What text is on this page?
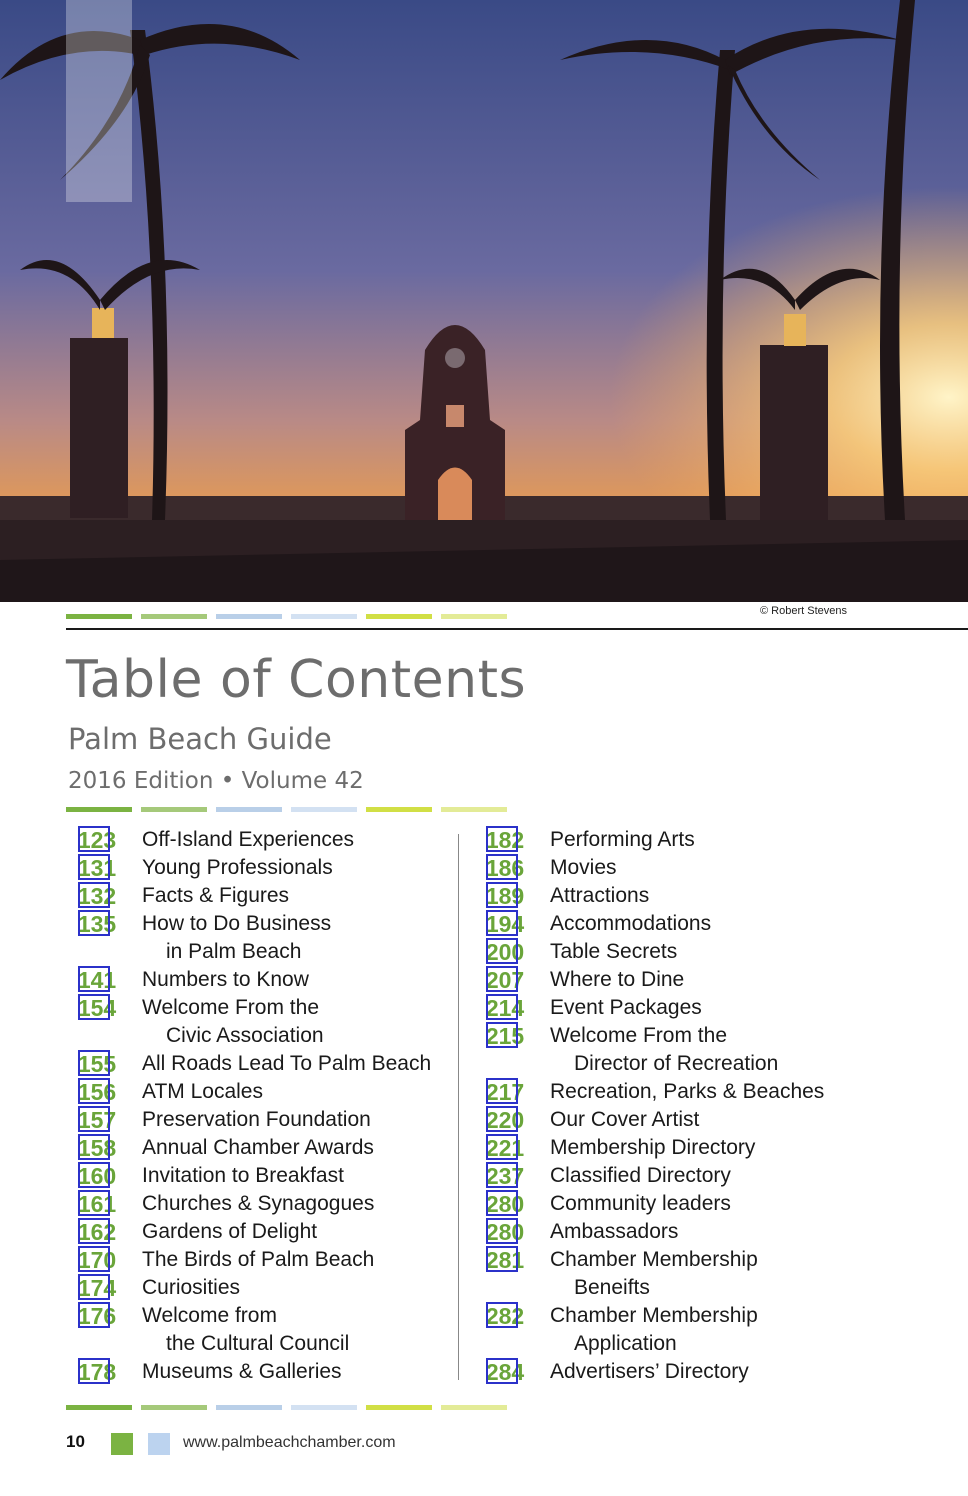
© Robert Stevens
Table of Contents
Palm Beach Guide
2016 Edition • Volume 42
123	Off-Island Experiences
131	Young Professionals
132	Facts & Figures
135	How to Do Business
in Palm Beach
141	Numbers to Know
154	Welcome From the
Civic Association
155	All Roads Lead To Palm Beach
156	ATM Locales
157	Preservation Foundation
158	Annual Chamber Awards
160	Invitation to Breakfast
161	Churches & Synagogues
162	Gardens of Delight
170	The Birds of Palm Beach
174	Curiosities
176	Welcome from
the Cultural Council
178	Museums & Galleries
182	Performing Arts
186	Movies
189	Attractions
194	Accommodations
200	Table Secrets
207	Where to Dine
214	Event Packages
215	Welcome From the
Director of Recreation
217	Recreation, Parks & Beaches
220	Our Cover Artist
221	Membership Directory
237	Classified Directory
280	Community leaders
280	Ambassadors
281	Chamber Membership
Beneifts
282	Chamber Membership
Application
284	Advertisers’ Directory
10	www.palmbeachchamber.com
